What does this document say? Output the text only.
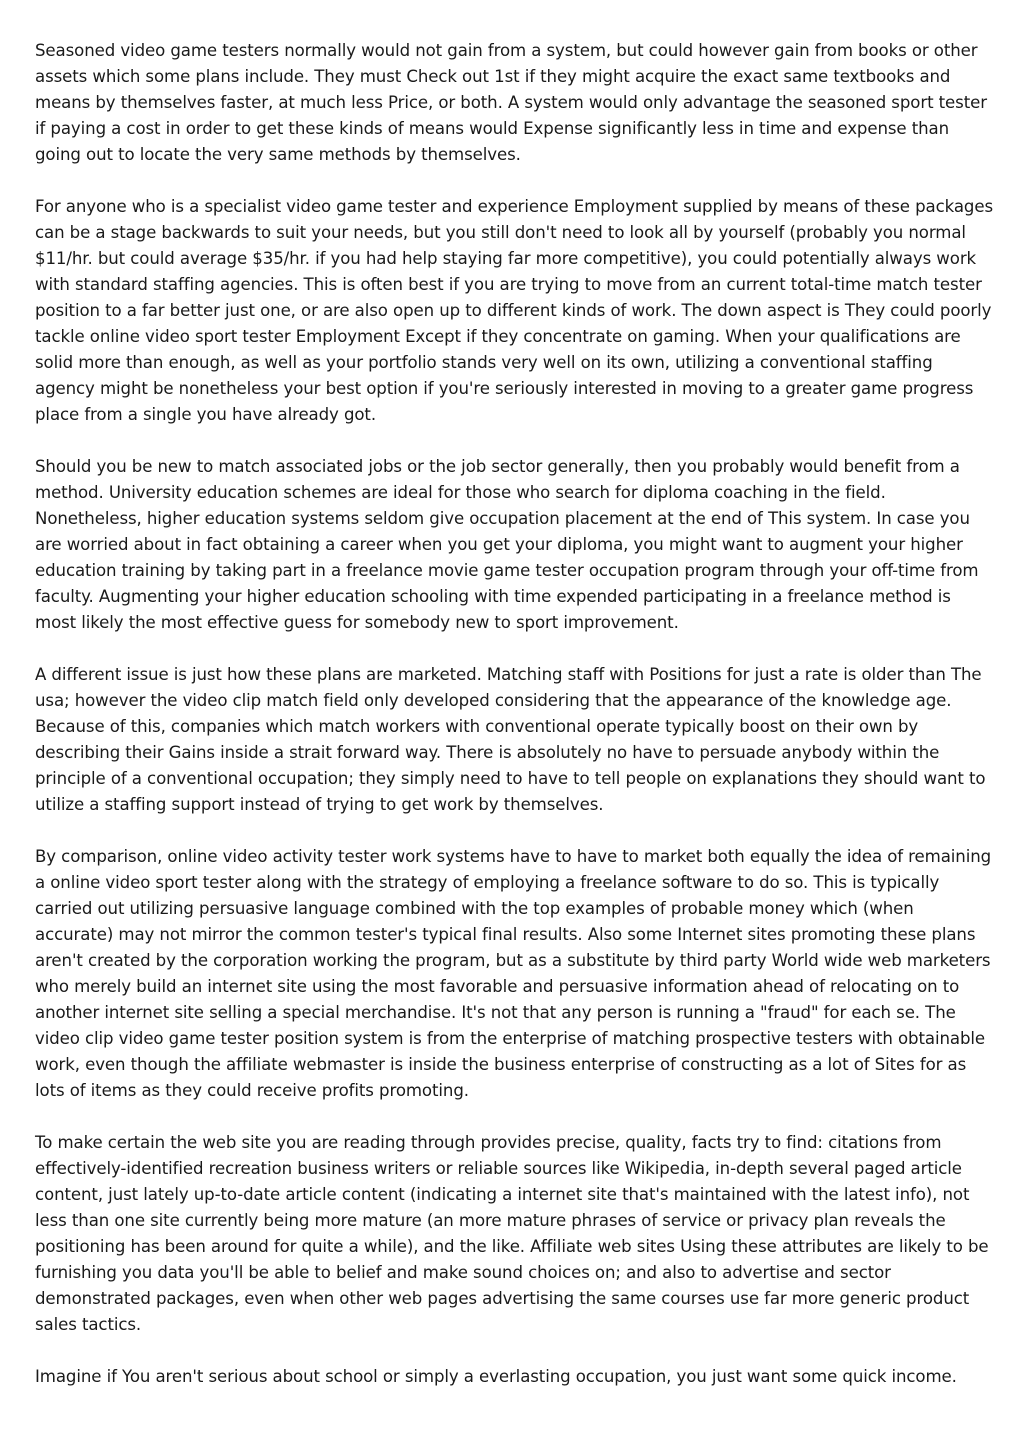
Seasoned video game testers normally would not gain from a system, but could however gain from books or other assets which some plans include. They must Check out 1st if they might acquire the exact same textbooks and means by themselves faster, at much less Price, or both. A system would only advantage the seasoned sport tester if paying a cost in order to get these kinds of means would Expense significantly less in time and expense than going out to locate the very same methods by themselves.

For anyone who is a specialist video game tester and experience Employment supplied by means of these packages can be a stage backwards to suit your needs, but you still don't need to look all by yourself (probably you normal $11/hr. but could average $35/hr. if you had help staying far more competitive), you could potentially always work with standard staffing agencies. This is often best if you are trying to move from an current total-time match tester position to a far better just one, or are also open up to different kinds of work. The down aspect is They could poorly tackle online video sport tester Employment Except if they concentrate on gaming. When your qualifications are solid more than enough, as well as your portfolio stands very well on its own, utilizing a conventional staffing agency might be nonetheless your best option if you're seriously interested in moving to a greater game progress place from a single you have already got.

Should you be new to match associated jobs or the job sector generally, then you probably would benefit from a method. University education schemes are ideal for those who search for diploma coaching in the field. Nonetheless, higher education systems seldom give occupation placement at the end of This system. In case you are worried about in fact obtaining a career when you get your diploma, you might want to augment your higher education training by taking part in a freelance movie game tester occupation program through your off-time from faculty. Augmenting your higher education schooling with time expended participating in a freelance method is most likely the most effective guess for somebody new to sport improvement.

A different issue is just how these plans are marketed. Matching staff with Positions for just a rate is older than The usa; however the video clip match field only developed considering that the appearance of the knowledge age. Because of this, companies which match workers with conventional operate typically boost on their own by describing their Gains inside a strait forward way. There is absolutely no have to persuade anybody within the principle of a conventional occupation; they simply need to have to tell people on explanations they should want to utilize a staffing support instead of trying to get work by themselves.

By comparison, online video activity tester work systems have to have to market both equally the idea of remaining a online video sport tester along with the strategy of employing a freelance software to do so. This is typically carried out utilizing persuasive language combined with the top examples of probable money which (when accurate) may not mirror the common tester's typical final results. Also some Internet sites promoting these plans aren't created by the corporation working the program, but as a substitute by third party World wide web marketers who merely build an internet site using the most favorable and persuasive information ahead of relocating on to another internet site selling a special merchandise. It's not that any person is running a "fraud" for each se. The video clip video game tester position system is from the enterprise of matching prospective testers with obtainable work, even though the affiliate webmaster is inside the business enterprise of constructing as a lot of Sites for as lots of items as they could receive profits promoting.

To make certain the web site you are reading through provides precise, quality, facts try to find: citations from effectively-identified recreation business writers or reliable sources like Wikipedia, in-depth several paged article content, just lately up-to-date article content (indicating a internet site that's maintained with the latest info), not less than one site currently being more mature (an more mature phrases of service or privacy plan reveals the positioning has been around for quite a while), and the like. Affiliate web sites Using these attributes are likely to be furnishing you data you'll be able to belief and make sound choices on; and also to advertise and sector demonstrated packages, even when other web pages advertising the same courses use far more generic product sales tactics.

Imagine if You aren't serious about school or simply a everlasting occupation, you just want some quick income.
